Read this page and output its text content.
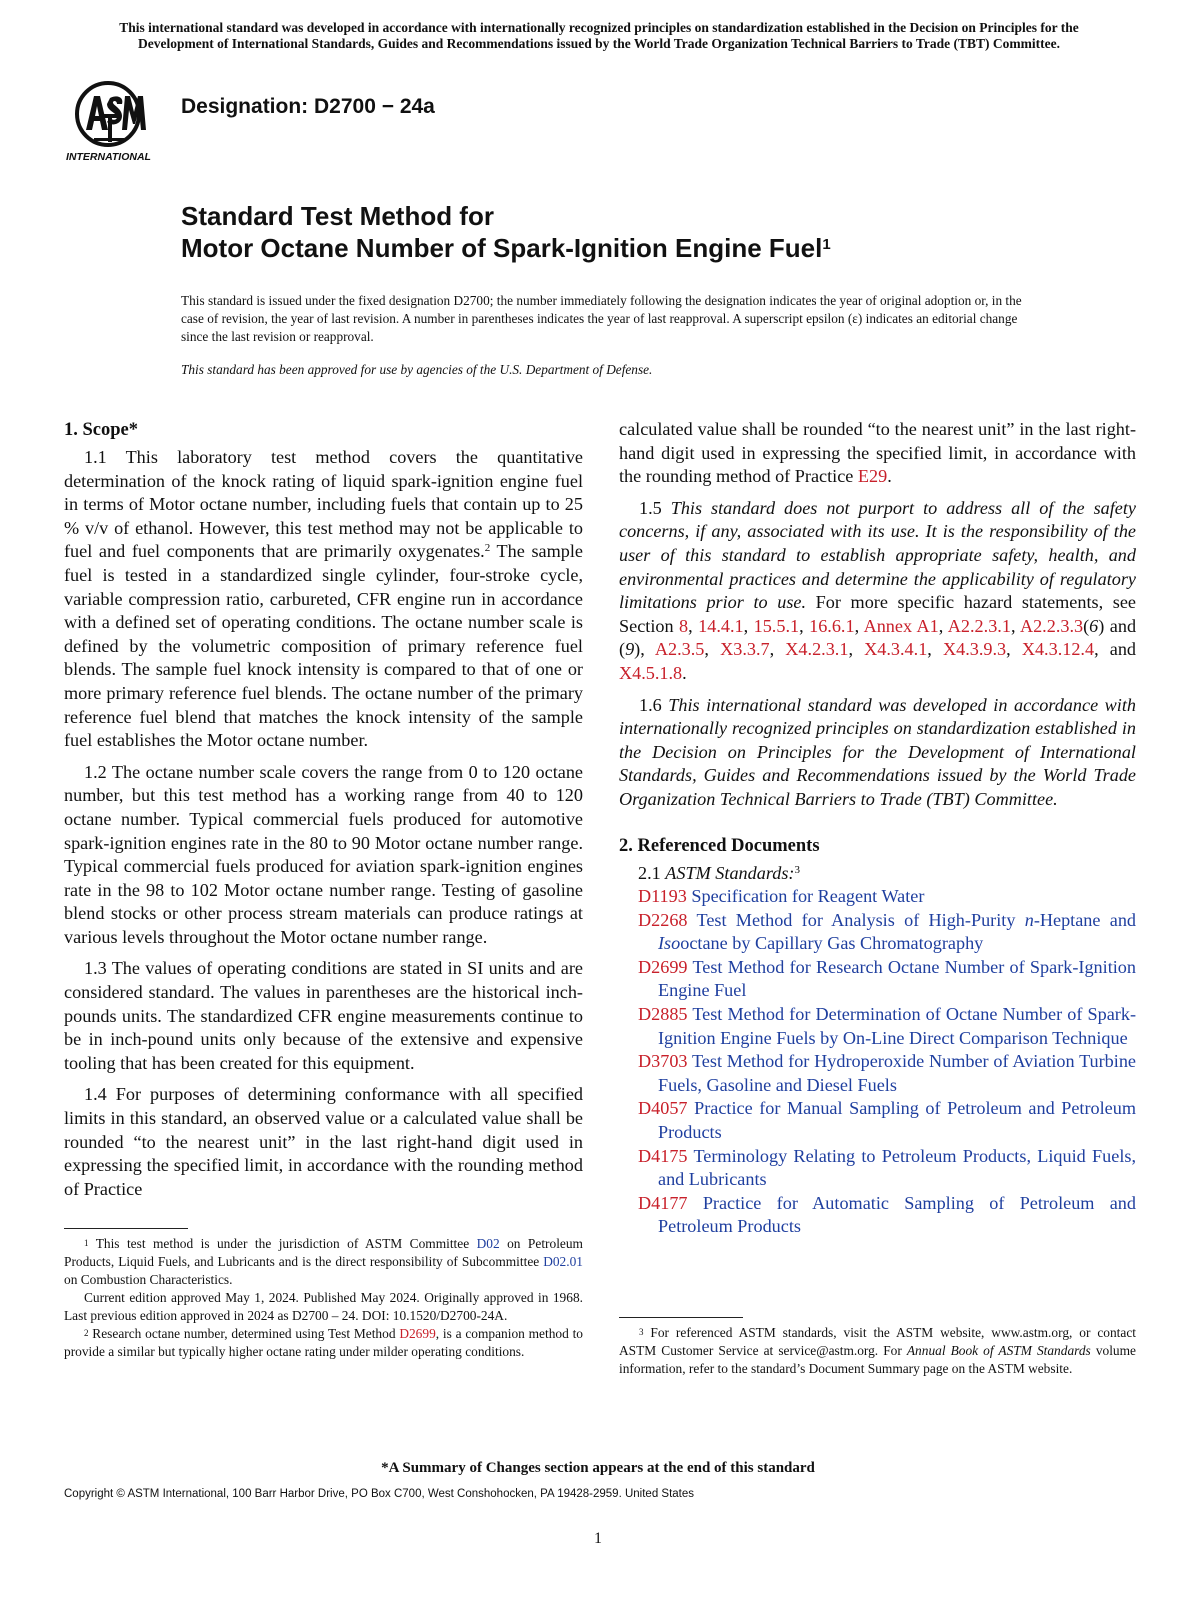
This international standard was developed in accordance with internationally recognized principles on standardization established in the Decision on Principles for the
Development of International Standards, Guides and Recommendations issued by the World Trade Organization Technical Barriers to Trade (TBT) Committee.
INTERNATIONAL
Designation: D2700 − 24a
Standard Test Method for
Motor Octane Number of Spark-Ignition Engine Fuel$^1$
This standard is issued under the fixed designation D2700; the number immediately following the designation indicates the year of original adoption or, in the case of revision, the year of last revision. A number in parentheses indicates the year of last reapproval. A superscript epsilon (ε) indicates an editorial change since the last revision or reapproval.
This standard has been approved for use by agencies of the U.S. Department of Defense.
1. Scope*

1.1 This laboratory test method covers the quantitative determination of the knock rating of liquid spark-ignition engine fuel in terms of Motor octane number, including fuels that contain up to 25 % v/v of ethanol. However, this test method may not be applicable to fuel and fuel components that are primarily oxygenates.$^2$ The sample fuel is tested in a standardized single cylinder, four-stroke cycle, variable compression ratio, carbureted, CFR engine run in accordance with a defined set of operating conditions. The octane number scale is defined by the volumetric composition of primary reference fuel blends. The sample fuel knock intensity is compared to that of one or more primary reference fuel blends. The octane number of the primary reference fuel blend that matches the knock intensity of the sample fuel establishes the Motor octane number.

1.2 The octane number scale covers the range from 0 to 120 octane number, but this test method has a working range from 40 to 120 octane number. Typical commercial fuels produced for automotive spark-ignition engines rate in the 80 to 90 Motor octane number range. Typical commercial fuels produced for aviation spark-ignition engines rate in the 98 to 102 Motor octane number range. Testing of gasoline blend stocks or other process stream materials can produce ratings at various levels throughout the Motor octane number range.

1.3 The values of operating conditions are stated in SI units and are considered standard. The values in parentheses are the historical inch-pounds units. The standardized CFR engine measurements continue to be in inch-pound units only because of the extensive and expensive tooling that has been created for this equipment.

1.4 For purposes of determining conformance with all specified limits in this standard, an observed value or a calculated value shall be rounded “to the nearest unit” in the last right-hand digit used in expressing the specified limit, in accordance with the rounding method of Practice

calculated value shall be rounded “to the nearest unit” in the last right-hand digit used in expressing the specified limit, in accordance with the rounding method of Practice E29.

1.5 This standard does not purport to address all of the safety concerns, if any, associated with its use. It is the responsibility of the user of this standard to establish appropriate safety, health, and environmental practices and determine the applicability of regulatory limitations prior to use. For more specific hazard statements, see Section 8, 14.4.1, 15.5.1, 16.6.1, Annex A1, A2.2.3.1, A2.2.3.3(6) and (9), A2.3.5, X3.3.7, X4.2.3.1, X4.3.4.1, X4.3.9.3, X4.3.12.4, and X4.5.1.8.

1.6 This international standard was developed in accordance with internationally recognized principles on standardization established in the Decision on Principles for the Development of International Standards, Guides and Recommendations issued by the World Trade Organization Technical Barriers to Trade (TBT) Committee.

2. Referenced Documents
2.1 ASTM Standards:$^3$
D1193 Specification for Reagent Water
D2268 Test Method for Analysis of High-Purity n-Heptane and Isooctane by Capillary Gas Chromatography
D2699 Test Method for Research Octane Number of Spark-Ignition Engine Fuel
D2885 Test Method for Determination of Octane Number of Spark-Ignition Engine Fuels by On-Line Direct Comparison Technique
D3703 Test Method for Hydroperoxide Number of Aviation Turbine Fuels, Gasoline and Diesel Fuels
D4057 Practice for Manual Sampling of Petroleum and Petroleum Products
D4175 Terminology Relating to Petroleum Products, Liquid Fuels, and Lubricants
D4177 Practice for Automatic Sampling of Petroleum and Petroleum Products

$^1$ This test method is under the jurisdiction of ASTM Committee D02 on Petroleum Products, Liquid Fuels, and Lubricants and is the direct responsibility of Subcommittee D02.01 on Combustion Characteristics.

Current edition approved May 1, 2024. Published May 2024. Originally approved in 1968. Last previous edition approved in 2024 as D2700 – 24. DOI: 10.1520/D2700-24A.

$^2$ Research octane number, determined using Test Method D2699, is a companion method to provide a similar but typically higher octane rating under milder operating conditions.

$^3$ For referenced ASTM standards, visit the ASTM website, www.astm.org, or contact ASTM Customer Service at service@astm.org. For Annual Book of ASTM Standards volume information, refer to the standard’s Document Summary page on the ASTM website.

*A Summary of Changes section appears at the end of this standard
Copyright © ASTM International, 100 Barr Harbor Drive, PO Box C700, West Conshohocken, PA 19428-2959. United States
1
